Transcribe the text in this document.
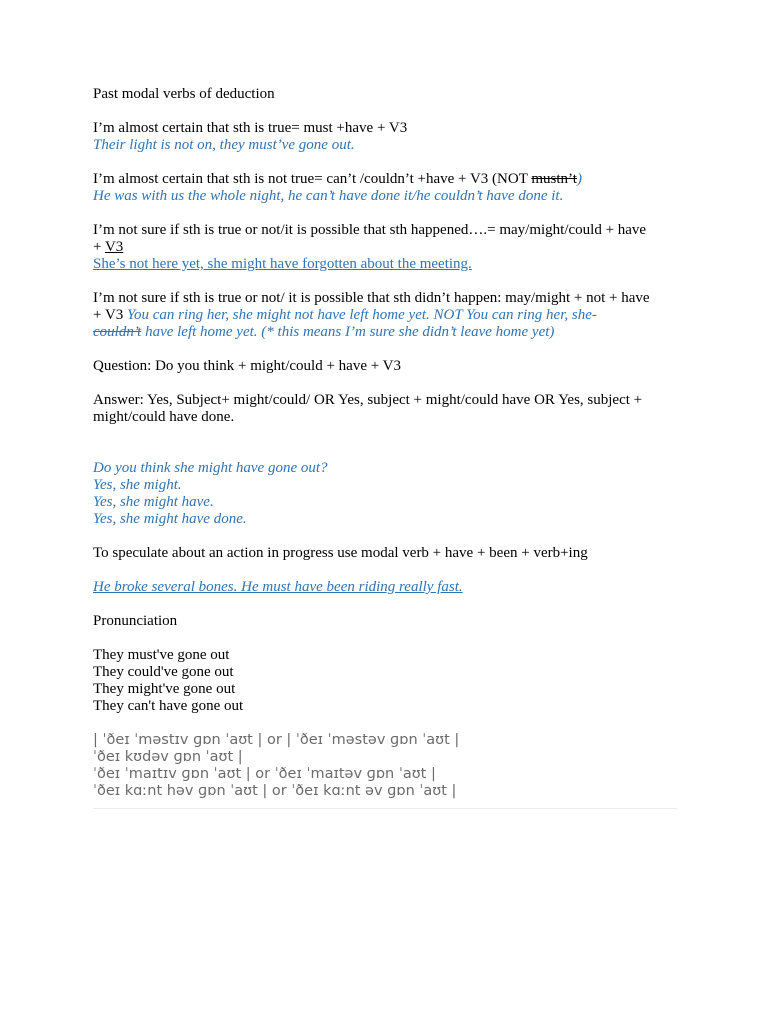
Past modal verbs of deduction
I’m almost certain that sth is true= must +have + V3
Their light is not on, they must’ve gone out.
I’m almost certain that sth is not true= can’t /couldn’t +have + V3 (NOT mustn’t)
He was with us the whole night, he can’t have done it/he couldn’t have done it.
I’m not sure if sth is true or not/it is possible that sth happened….= may/might/could + have
+ V3
She’s not here yet, she might have forgotten about the meeting.
I’m not sure if sth is true or not/ it is possible that sth didn’t happen: may/might + not + have
+ V3 You can ring her, she might not have left home yet. NOT You can ring her, she-
couldn’t have left home yet. (* this means I’m sure she didn’t leave home yet)
Question: Do you think + might/could + have + V3
Answer: Yes, Subject+ might/could/ OR Yes, subject + might/could have OR Yes, subject + might/could have done.
Do you think she might have gone out?
Yes, she might.
Yes, she might have.
Yes, she might have done.
To speculate about an action in progress use modal verb + have + been + verb+ing
He broke several bones. He must have been riding really fast.
Pronunciation
They must've gone out
They could've gone out
They might've gone out
They can't have gone out
| ˈðeɪ ˈməstɪv ɡɒn ˈaʊt | or | ˈðeɪ ˈməstəv ɡɒn ˈaʊt |
ˈðeɪ kʊdəv ɡɒn ˈaʊt |
ˈðeɪ ˈmaɪtɪv ɡɒn ˈaʊt | or ˈðeɪ ˈmaɪtəv ɡɒn ˈaʊt |
ˈðeɪ kɑːnt həv ɡɒn ˈaʊt | or ˈðeɪ kɑːnt əv ɡɒn ˈaʊt |
